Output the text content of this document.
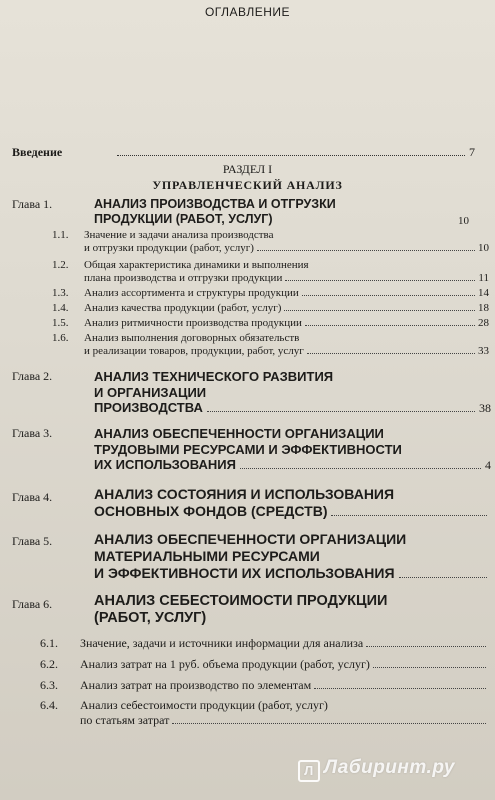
ОГЛАВЛЕНИЕ
Введение	7
РАЗДЕЛ I
УПРАВЛЕНЧЕСКИЙ АНАЛИЗ
Глава 1.	АНАЛИЗ ПРОИЗВОДСТВА И ОТГРУЗКИ
ПРОДУКЦИИ (РАБОТ, УСЛУГ)	10
1.1.	Значение и задачи анализа производства
и отгрузки продукции (работ, услуг)	10
1.2.	Общая характеристика динамики и выполнения
плана производства и отгрузки продукции	11
1.3.	Анализ ассортимента и структуры продукции	14
1.4.	Анализ качества продукции (работ, услуг)	18
1.5.	Анализ ритмичности производства продукции	28
1.6.	Анализ выполнения договорных обязательств
и реализации товаров, продукции, работ, услуг	33
Глава 2.	АНАЛИЗ ТЕХНИЧЕСКОГО РАЗВИТИЯ
И ОРГАНИЗАЦИИ
ПРОИЗВОДСТВА	38
Глава 3.	АНАЛИЗ ОБЕСПЕЧЕННОСТИ ОРГАНИЗАЦИИ
ТРУДОВЫМИ РЕСУРСАМИ И ЭФФЕКТИВНОСТИ
ИХ ИСПОЛЬЗОВАНИЯ	4
Глава 4.	АНАЛИЗ СОСТОЯНИЯ И ИСПОЛЬЗОВАНИЯ
ОСНОВНЫХ ФОНДОВ (СРЕДСТВ)
Глава 5.	АНАЛИЗ ОБЕСПЕЧЕННОСТИ ОРГАНИЗАЦИИ
МАТЕРИАЛЬНЫМИ РЕСУРСАМИ
И ЭФФЕКТИВНОСТИ ИХ ИСПОЛЬЗОВАНИЯ
Глава 6.	АНАЛИЗ СЕБЕСТОИМОСТИ ПРОДУКЦИИ
(РАБОТ, УСЛУГ)
6.1.	Значение, задачи и источники информации для анализа
6.2.	Анализ затрат на 1 руб. объема продукции (работ, услуг)
6.3.	Анализ затрат на производство по элементам
6.4.	Анализ себестоимости продукции (работ, услуг)
по статьям затрат
Л Лабиринт.ру
